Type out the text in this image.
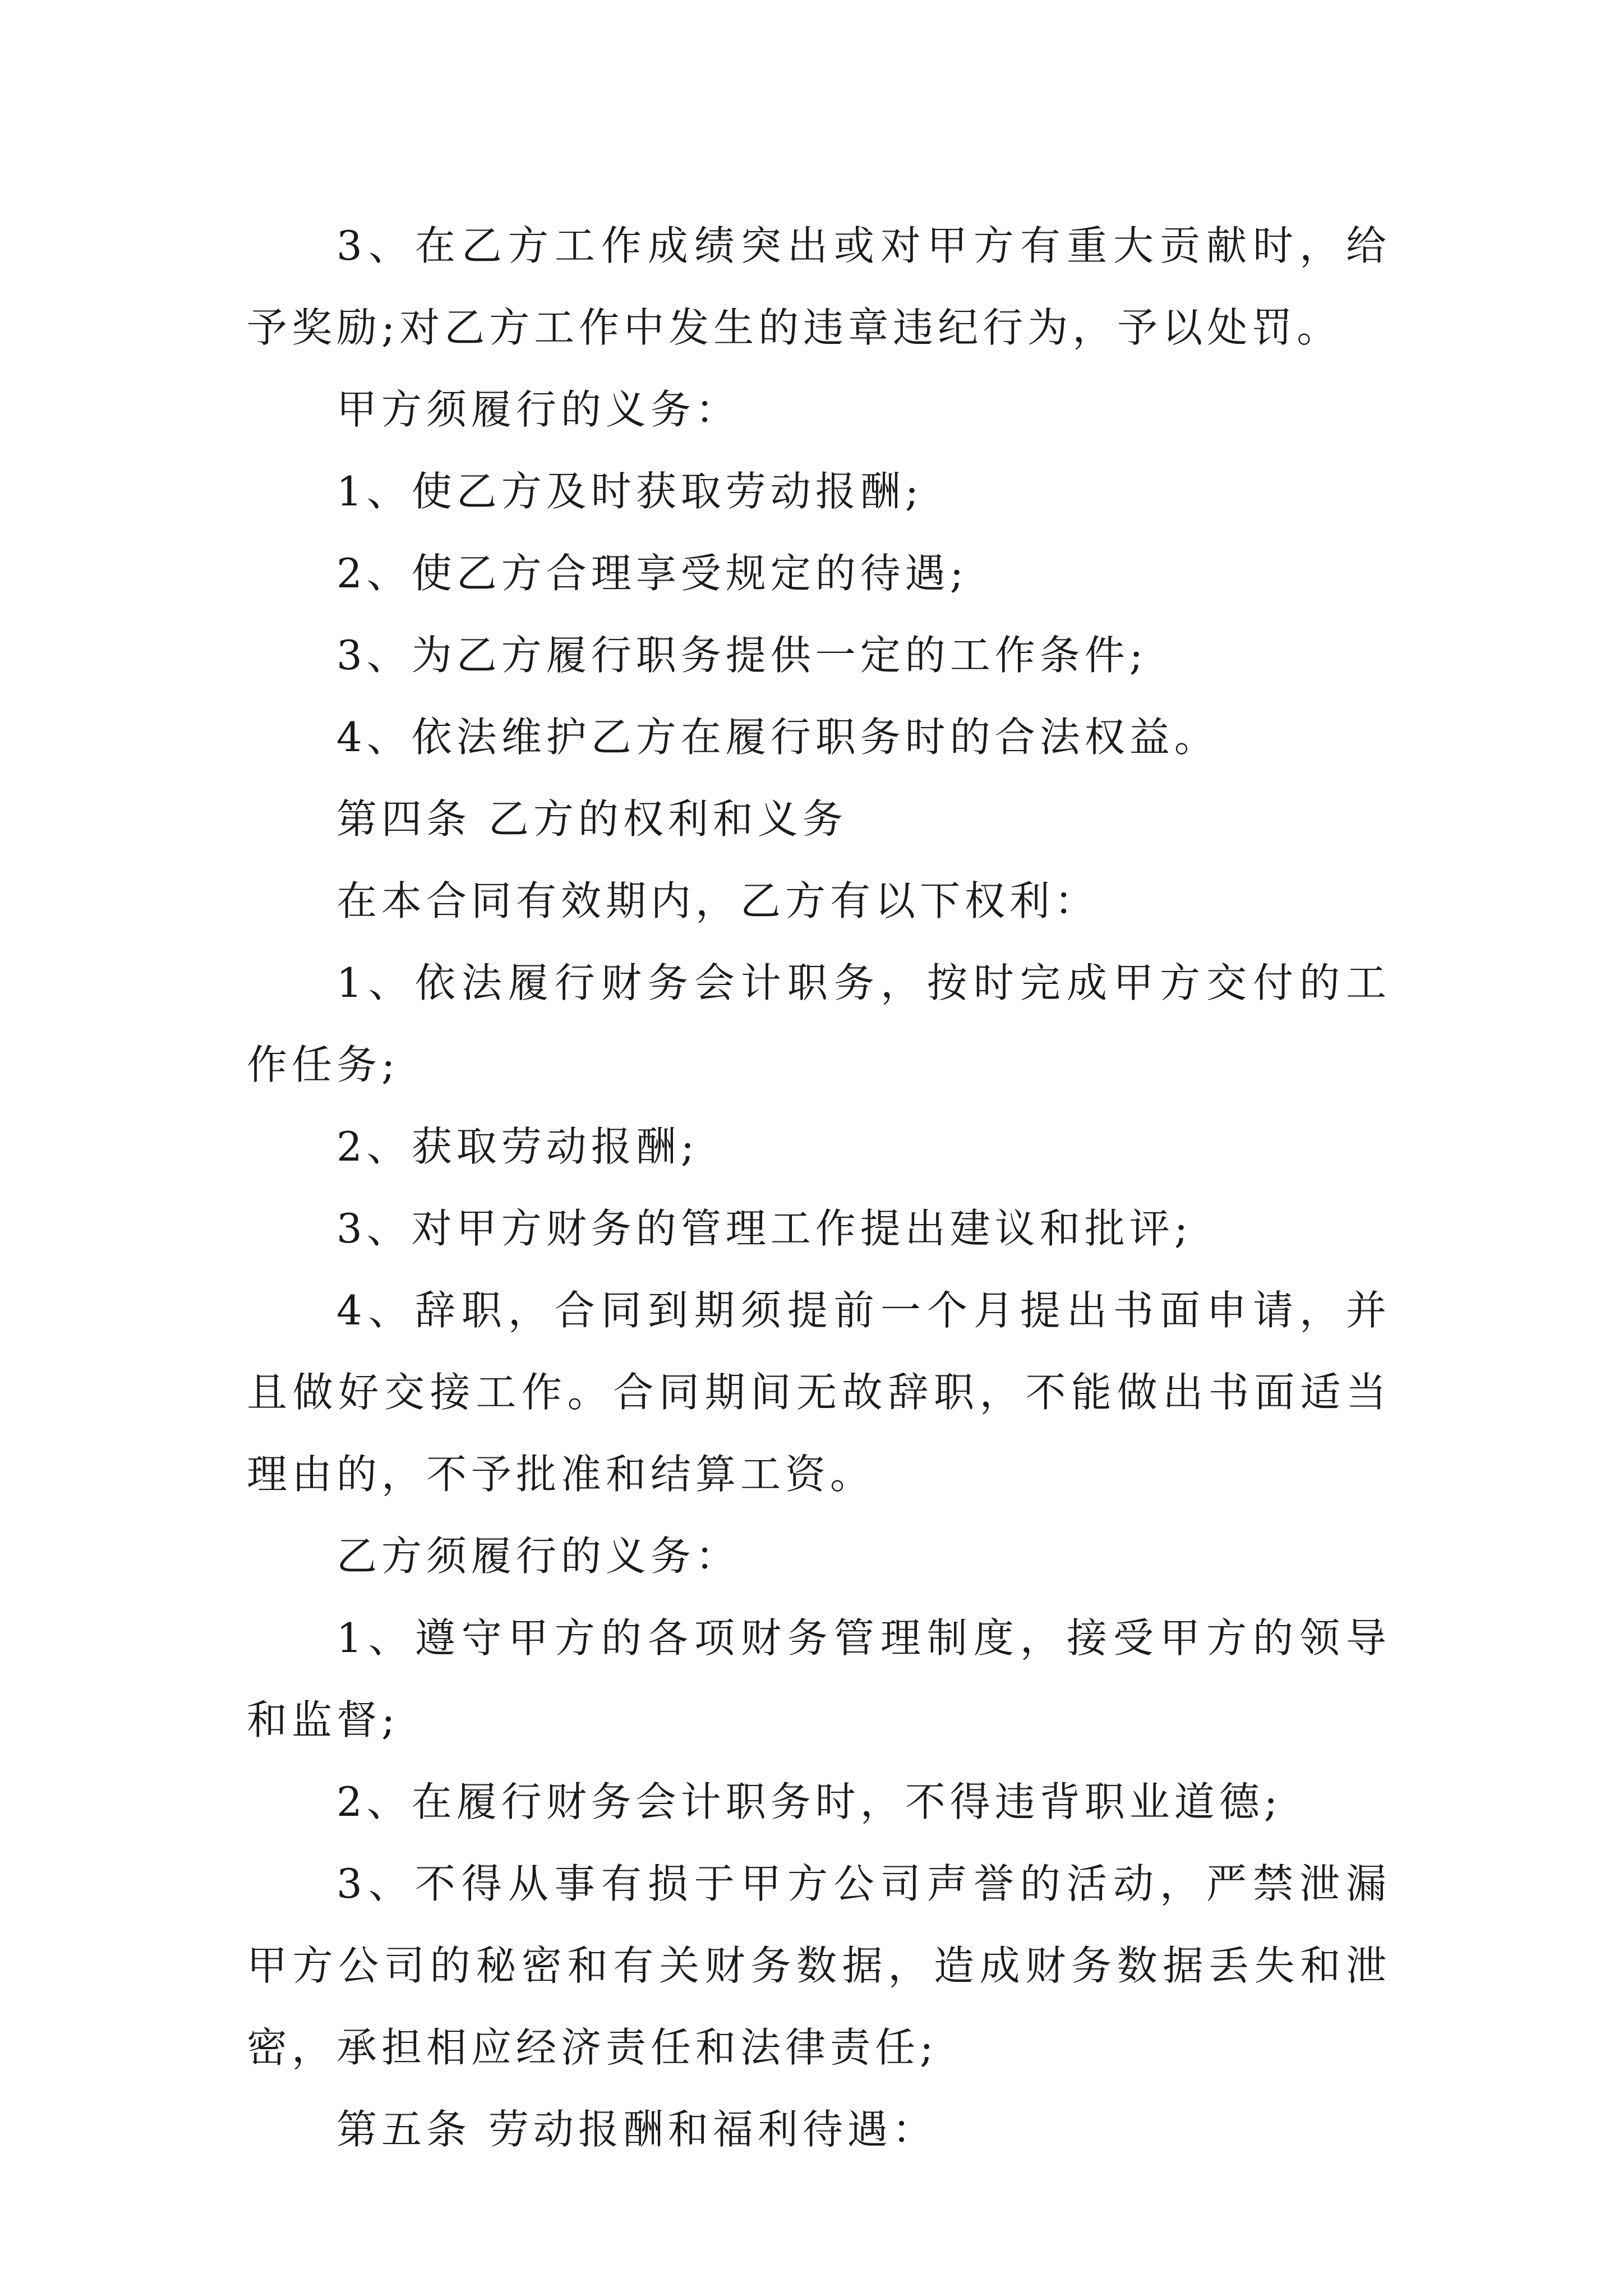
3、在乙方工作成绩突出或对甲方有重大贡献时，给予奖励;对乙方工作中发生的违章违纪行为，予以处罚。

甲方须履行的义务：

1、使乙方及时获取劳动报酬;

2、使乙方合理享受规定的待遇;

3、为乙方履行职务提供一定的工作条件;

4、依法维护乙方在履行职务时的合法权益。

第四条 乙方的权利和义务

在本合同有效期内，乙方有以下权利：

1、依法履行财务会计职务，按时完成甲方交付的工作任务;

2、获取劳动报酬;

3、对甲方财务的管理工作提出建议和批评;

4、辞职，合同到期须提前一个月提出书面申请，并且做好交接工作。合同期间无故辞职，不能做出书面适当理由的，不予批准和结算工资。

乙方须履行的义务：

1、遵守甲方的各项财务管理制度，接受甲方的领导和监督;

2、在履行财务会计职务时，不得违背职业道德;

3、不得从事有损于甲方公司声誉的活动，严禁泄漏甲方公司的秘密和有关财务数据，造成财务数据丢失和泄密，承担相应经济责任和法律责任;

第五条 劳动报酬和福利待遇：
